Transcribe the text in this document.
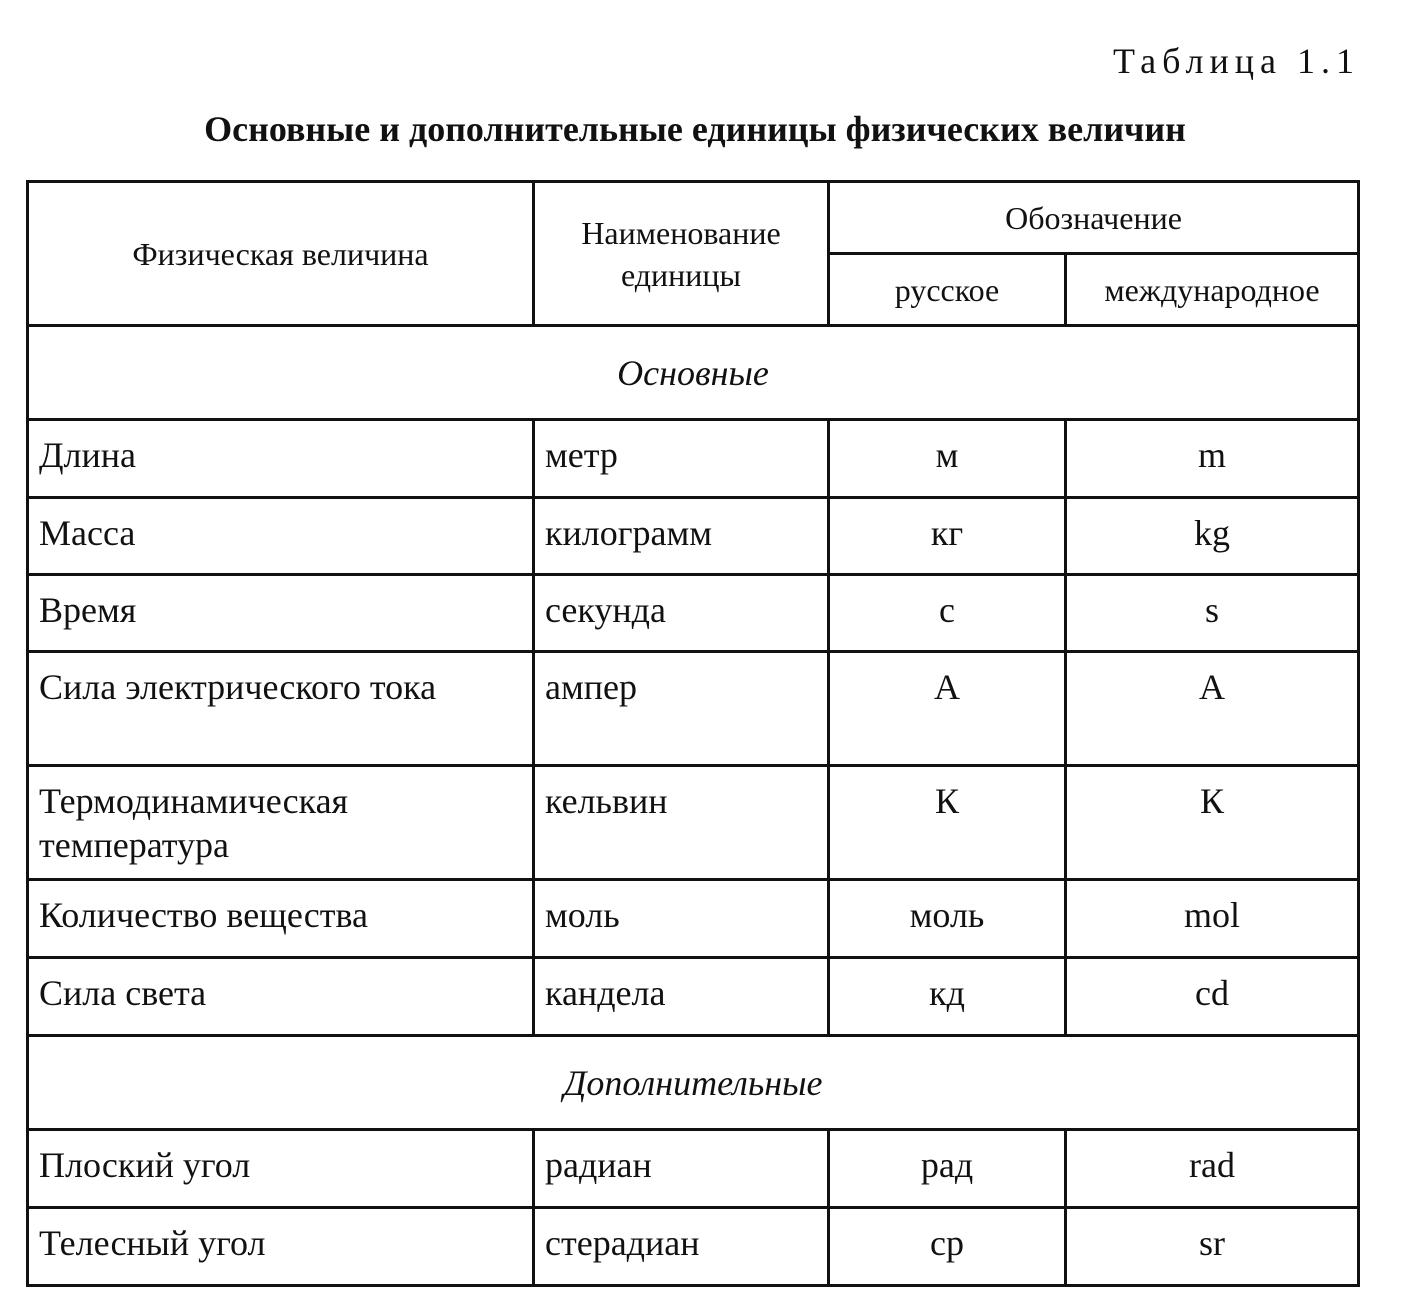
Таблица 1.1
Основные и дополнительные единицы физических величин
Физическая величина	Наименование единицы	Обозначение	
		русское	международное
Основные			
Длина	метр	м	m
Масса	килограмм	кг	kg
Время	секунда	с	s
Сила электрического тока	ампер	А	А
Термодинамическая температура	кельвин	К	К
Количество вещества	моль	моль	mol
Сила света	кандела	кд	cd
Дополнительные			
Плоский угол	радиан	рад	rad
Телесный угол	стерадиан	ср	sr
